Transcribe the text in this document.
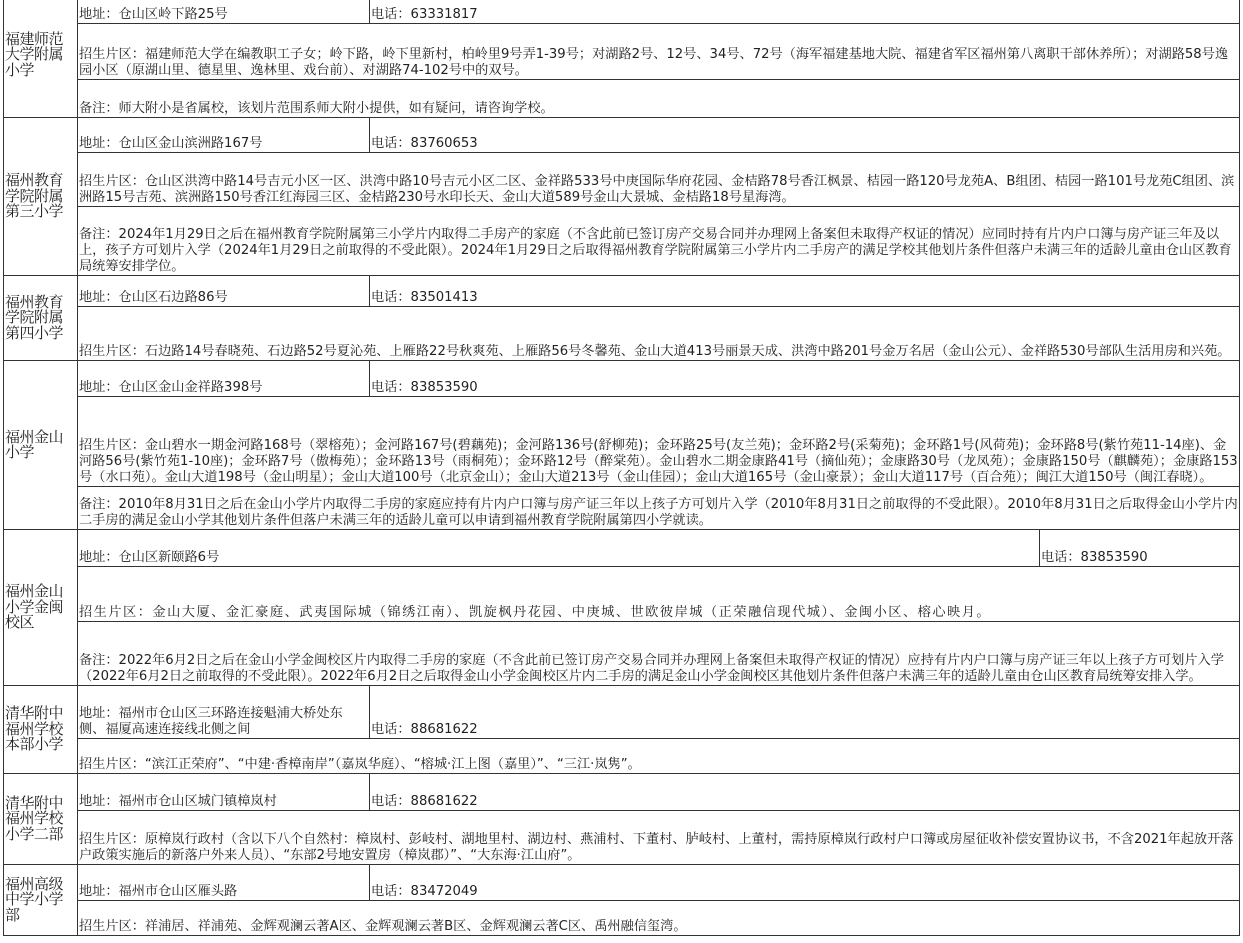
福建师范大学附属小学	地址：仓山区岭下路25号	电话：63331817	
	招生片区：福建师范大学在编教职工子女；岭下路，岭下里新村，柏岭里9号弄1-39号；对湖路2号、12号、34号、72号（海军福建基地大院、福建省军区福州第八离职干部休养所）；对湖路58号逸园小区（原湖山里、德星里、逸林里、戏台前）、对湖路74-102号中的双号。		
	备注：师大附小是省属校，该划片范围系师大附小提供，如有疑问，请咨询学校。		
福州教育学院附属第三小学	地址：仓山区金山滨洲路167号	电话：83760653	
	招生片区：仓山区洪湾中路14号吉元小区一区、洪湾中路10号吉元小区二区、金祥路533号中庚国际华府花园、金桔路78号香江枫景、桔园一路120号龙苑A、B组团、桔园一路101号龙苑C组团、滨洲路15号吉苑、滨洲路150号香江红海园三区、金桔路230号水印长天、金山大道589号金山大景城、金桔路18号星海湾。		
	备注：2024年1月29日之后在福州教育学院附属第三小学片内取得二手房产的家庭（不含此前已签订房产交易合同并办理网上备案但未取得产权证的情况）应同时持有片内户口簿与房产证三年及以上，孩子方可划片入学（2024年1月29日之前取得的不受此限）。2024年1月29日之后取得福州教育学院附属第三小学片内二手房产的满足学校其他划片条件但落户未满三年的适龄儿童由仓山区教育局统筹安排学位。		
福州教育学院附属第四小学	地址：仓山区石边路86号	电话：83501413	
	招生片区：石边路14号春晓苑、石边路52号夏沁苑、上雁路22号秋爽苑、上雁路56号冬馨苑、金山大道413号丽景天成、洪湾中路201号金万名居（金山公元）、金祥路530号部队生活用房和兴苑。		
福州金山小学	地址：仓山区金山金祥路398号	电话：83853590	
	招生片区：金山碧水一期金河路168号（翠榕苑）；金河路167号(碧藕苑)；金河路136号(舒柳苑)；金环路25号(友兰苑)；金环路2号(采菊苑)；金环路1号(风荷苑)；金环路8号(紫竹苑11-14座)、金河路56号(紫竹苑1-10座)；金环路7号（傲梅苑）；金环路13号（雨桐苑）；金环路12号（醉棠苑）。金山碧水二期金康路41号（摘仙苑）；金康路30号（龙凤苑）；金康路150号（麒麟苑）；金康路153号（水口苑）。金山大道198号（金山明星）；金山大道100号（北京金山）；金山大道213号（金山佳园）；金山大道165号（金山豪景）；金山大道117号（百合苑）；闽江大道150号（闽江春晓）。		
	备注：2010年8月31日之后在金山小学片内取得二手房的家庭应持有片内户口簿与房产证三年以上孩子方可划片入学（2010年8月31日之前取得的不受此限）。2010年8月31日之后取得金山小学片内二手房的满足金山小学其他划片条件但落户未满三年的适龄儿童可以申请到福州教育学院附属第四小学就读。		
福州金山小学金闽校区	地址：仓山区新颐路6号		电话：83853590
	招生片区：金山大厦、金汇豪庭、武夷国际城（锦绣江南）、凯旋枫丹花园、中庚城、世欧彼岸城（正荣融信现代城）、金闽小区、榕心映月。		
	备注：2022年6月2日之后在金山小学金闽校区片内取得二手房的家庭（不含此前已签订房产交易合同并办理网上备案但未取得产权证的情况）应持有片内户口簿与房产证三年以上孩子方可划片入学（2022年6月2日之前取得的不受此限）。2022年6月2日之后取得金山小学金闽校区片内二手房的满足金山小学金闽校区其他划片条件但落户未满三年的适龄儿童由仓山区教育局统筹安排入学。		
清华附中福州学校本部小学	地址：福州市仓山区三环路连接魁浦大桥处东侧、福厦高速连接线北侧之间	电话：88681622	
	招生片区：“滨江正荣府”、“中建·香樟南岸”（嘉岚华庭）、“榕城·江上图（嘉里）”、“三江·岚隽”。		
清华附中福州学校小学二部	地址：福州市仓山区城门镇樟岚村	电话：88681622	
	招生片区：原樟岚行政村（含以下八个自然村：樟岚村、彭岐村、湖地里村、湖边村、燕浦村、下董村、胪岐村、上董村，需持原樟岚行政村户口簿或房屋征收补偿安置协议书，不含2021年起放开落户政策实施后的新落户外来人员）、“东部2号地安置房（樟岚郡）”、“大东海·江山府”。		
福州高级中学小学部	地址：福州市仓山区雁头路	电话：83472049	
	招生片区：祥浦居、祥浦苑、金辉观澜云著A区、金辉观澜云著B区、金辉观澜云著C区、禹州融信玺湾。		
